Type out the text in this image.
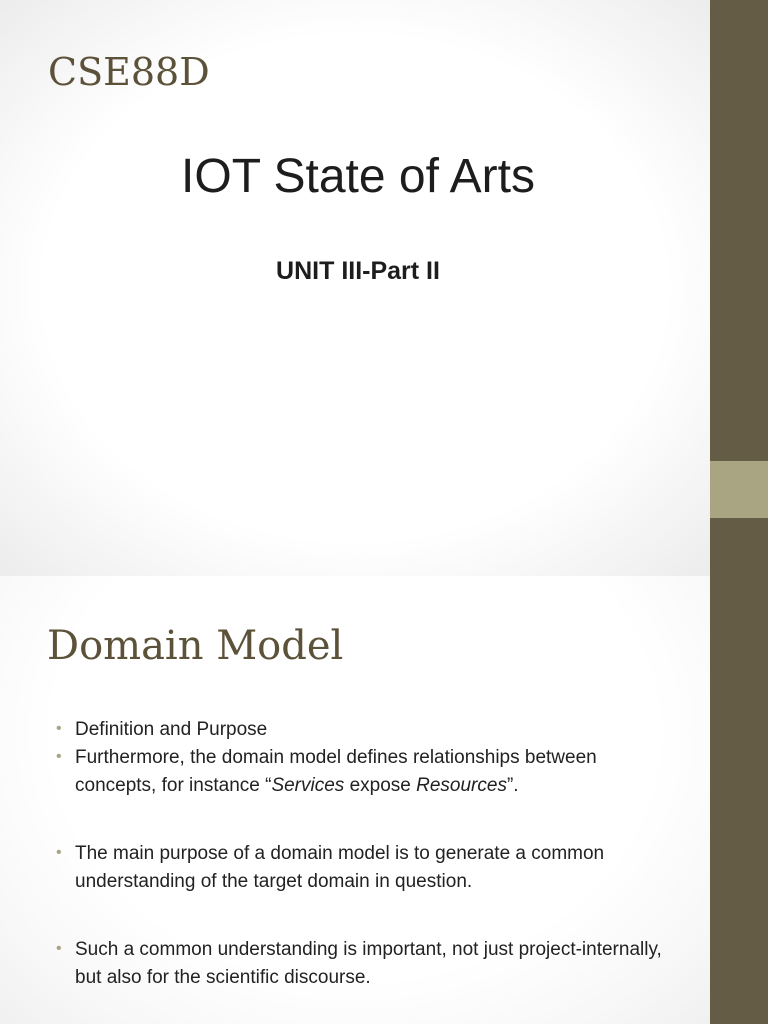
CSE88D
IOT State of Arts
UNIT III-Part II
Domain Model
• Definition and Purpose
• Furthermore, the domain model defines relationships between concepts, for instance “Services expose Resources”.
• The main purpose of a domain model is to generate a common understanding of the target domain in question.
• Such a common understanding is important, not just project-internally, but also for the scientific discourse.
